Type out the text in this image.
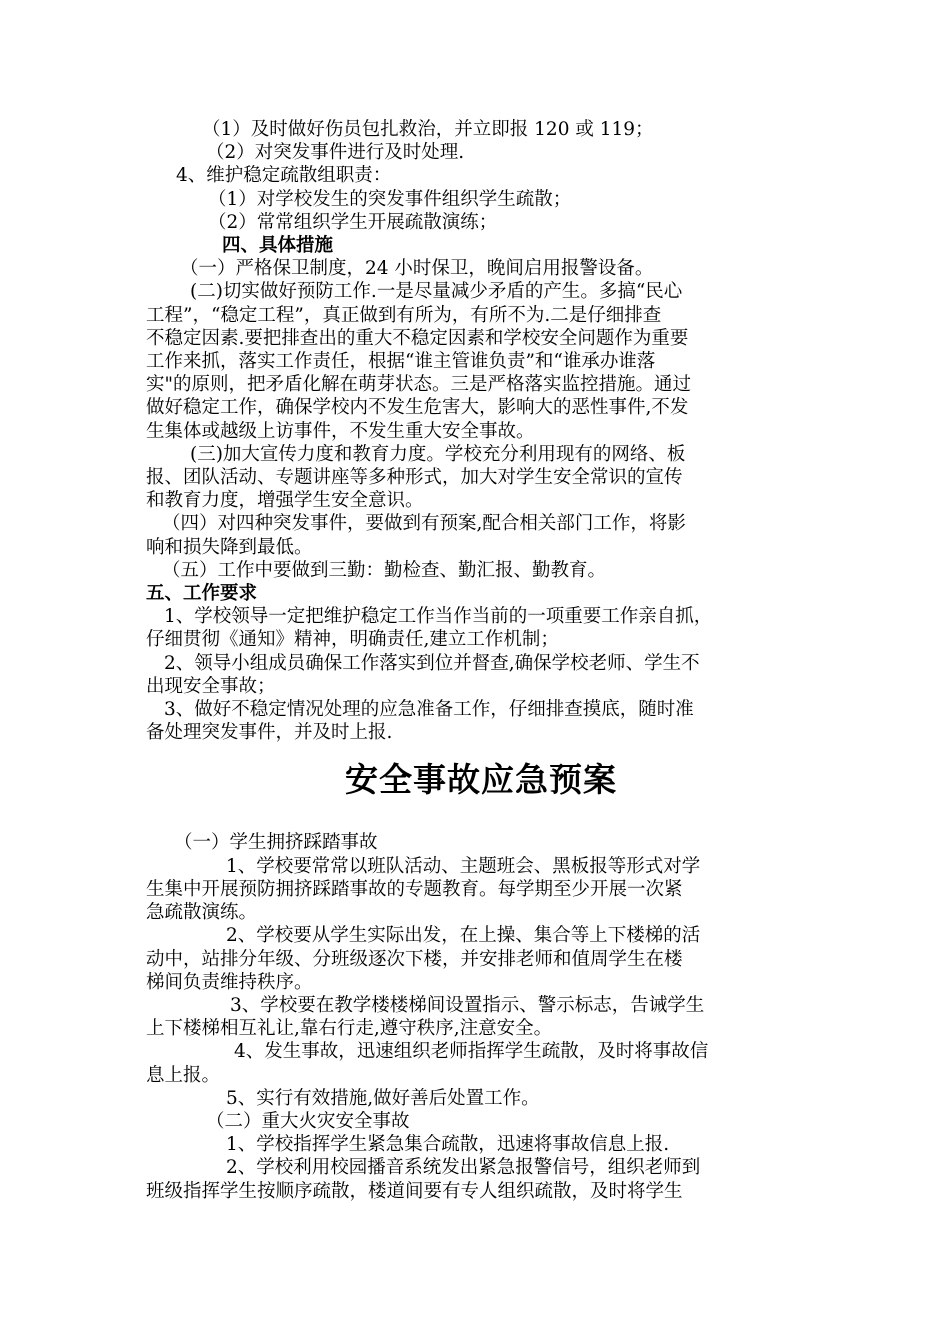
（1）及时做好伤员包扎救治，并立即报 120 或 119；
（2）对突发事件进行及时处理.
4、维护稳定疏散组职责：
（1）对学校发生的突发事件组织学生疏散；
（2）常常组织学生开展疏散演练；
四、具体措施
（一）严格保卫制度，24 小时保卫，晚间启用报警设备。
(二)切实做好预防工作.一是尽量减少矛盾的产生。多搞“民心
工程”，“稳定工程”，真正做到有所为，有所不为.二是仔细排查
不稳定因素.要把排查出的重大不稳定因素和学校安全问题作为重要
工作来抓，落实工作责任，根据“谁主管谁负责”和“谁承办谁落
实"的原则，把矛盾化解在萌芽状态。三是严格落实监控措施。通过
做好稳定工作，确保学校内不发生危害大，影响大的恶性事件,不发
生集体或越级上访事件，不发生重大安全事故。
(三)加大宣传力度和教育力度。学校充分利用现有的网络、板
报、团队活动、专题讲座等多种形式，加大对学生安全常识的宣传
和教育力度，增强学生安全意识。
（四）对四种突发事件，要做到有预案,配合相关部门工作，将影
响和损失降到最低。
（五）工作中要做到三勤：勤检查、勤汇报、勤教育。
五、工作要求
1、学校领导一定把维护稳定工作当作当前的一项重要工作亲自抓，
仔细贯彻《通知》精神，明确责任,建立工作机制；
2、领导小组成员确保工作落实到位并督查,确保学校老师、学生不
出现安全事故；
3、做好不稳定情况处理的应急准备工作，仔细排查摸底，随时准
备处理突发事件，并及时上报.
安全事故应急预案
（一）学生拥挤踩踏事故
1、学校要常常以班队活动、主题班会、黑板报等形式对学
生集中开展预防拥挤踩踏事故的专题教育。每学期至少开展一次紧
急疏散演练。
2、学校要从学生实际出发，在上操、集合等上下楼梯的活
动中，站排分年级、分班级逐次下楼，并安排老师和值周学生在楼
梯间负责维持秩序。
3、学校要在教学楼楼梯间设置指示、警示标志，告诫学生
上下楼梯相互礼让,靠右行走,遵守秩序,注意安全。
4、发生事故，迅速组织老师指挥学生疏散，及时将事故信
息上报。
5、实行有效措施,做好善后处置工作。
（二）重大火灾安全事故
1、学校指挥学生紧急集合疏散，迅速将事故信息上报.
2、学校利用校园播音系统发出紧急报警信号，组织老师到
班级指挥学生按顺序疏散，楼道间要有专人组织疏散，及时将学生
